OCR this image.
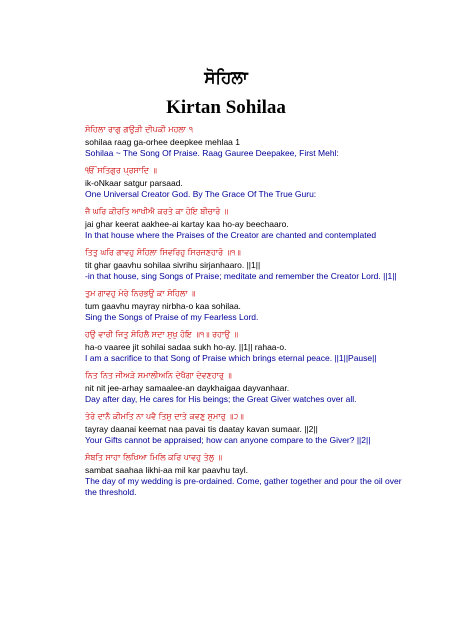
ਸੋਹਿਲਾ
Kirtan Sohilaa

ਸੋਹਿਲਾ ਰਾਗੁ ਗਉੜੀ ਦੀਪਕੀ ਮਹਲਾ ੧

sohilaa raag ga-orhee deepkee mehlaa 1

Sohilaa ~ The Song Of Praise. Raag Gauree Deepakee, First Mehl:

ੴ ਸਤਿਗੁਰ ਪ੍ਰਸਾਦਿ ॥

ik-oNkaar satgur parsaad.

One Universal Creator God. By The Grace Of The True Guru:

ਜੈ ਘਰਿ ਕੀਰਤਿ ਆਖੀਐ ਕਰਤੇ ਕਾ ਹੋਇ ਬੀਚਾਰੋ ॥

jai ghar keerat aakhee-ai kartay kaa ho-ay beechaaro.

In that house where the Praises of the Creator are chanted and contemplated

ਤਿਤੁ ਘਰਿ ਗਾਵਹੁ ਸੋਹਿਲਾ ਸਿਵਰਿਹੁ ਸਿਰਜਣਹਾਰੋ ॥੧॥

tit ghar gaavhu sohilaa sivrihu sirjanhaaro. ||1||

-in that house, sing Songs of Praise; meditate and remember the Creator Lord. ||1||

ਤੁਮ ਗਾਵਹੁ ਮੇਰੇ ਨਿਰਭਉ ਕਾ ਸੋਹਿਲਾ ॥

tum gaavhu mayray nirbha-o kaa sohilaa.

Sing the Songs of Praise of my Fearless Lord.

ਹਉ ਵਾਰੀ ਜਿਤੁ ਸੋਹਿਲੈ ਸਦਾ ਸੁਖੁ ਹੋਇ ॥੧॥ ਰਹਾਉ ॥

ha-o vaaree jit sohilai sadaa sukh ho-ay. ||1|| rahaa-o.

I am a sacrifice to that Song of Praise which brings eternal peace. ||1||Pause||

ਨਿਤ ਨਿਤ ਜੀਅੜੇ ਸਮਾਲੀਅਨਿ ਦੇਖੈਗਾ ਦੇਵਣਹਾਰੁ ॥

nit nit jee-arhay samaalee-an daykhaigaa dayvanhaar.

Day after day, He cares for His beings; the Great Giver watches over all.

ਤੇਰੇ ਦਾਨੈ ਕੀਮਤਿ ਨਾ ਪਵੈ ਤਿਸੁ ਦਾਤੇ ਕਵਣੁ ਸੁਮਾਰੁ ॥੨॥

tayray daanai keemat naa pavai tis daatay kavan sumaar. ||2||

Your Gifts cannot be appraised; how can anyone compare to the Giver? ||2||

ਸੰਬਤਿ ਸਾਹਾ ਲਿਖਿਆ ਮਿਲਿ ਕਰਿ ਪਾਵਹੁ ਤੇਲੁ ॥

sambat saahaa likhi-aa mil kar paavhu tayl.

The day of my wedding is pre-ordained. Come, gather together and pour the oil over the threshold.
